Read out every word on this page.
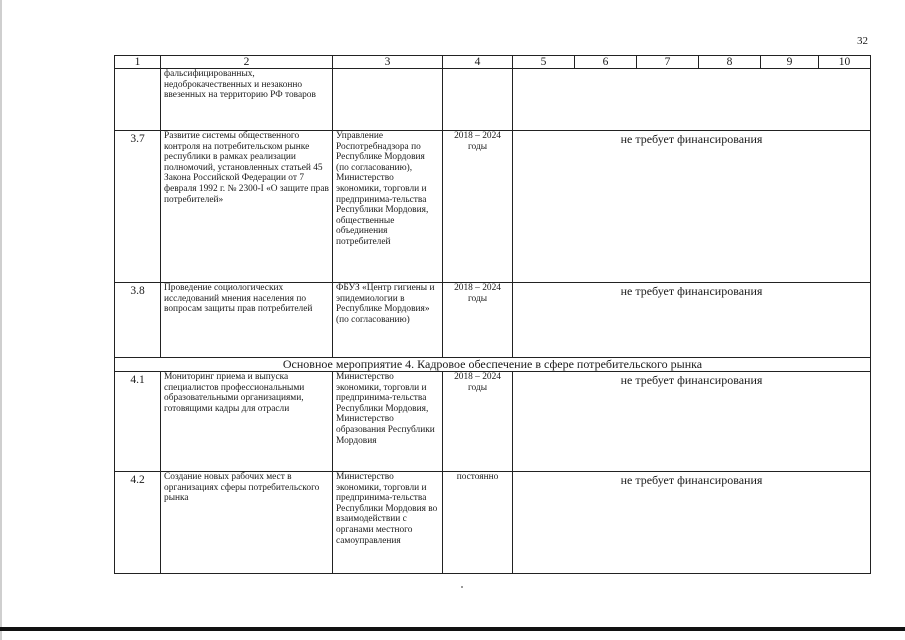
32
1	2	3	4	5	6	7	8	9	10
	фальсифицированных, недоброкачественных и незаконно ввезенных на территорию РФ товаров								
3.7	Развитие системы общественного контроля на потребительском рынке республики в рамках реализации полномочий, установленных статьей 45 Закона Российской Федерации от 7 февраля 1992 г. № 2300-I «О защите прав потребителей»	Управление Роспотребнадзора по Республике Мордовия (по согласованию), Министерство экономики, торговли и предпринима-тельства Республики Мордовия, общественные объединения потребителей	2018 – 2024 годы	не требует финансирования					
3.8	Проведение социологических исследований мнения населения по вопросам защиты прав потребителей	ФБУЗ «Центр гигиены и эпидемиологии в Республике Мордовия» (по согласованию)	2018 – 2024 годы	не требует финансирования					
Основное мероприятие 4. Кадровое обеспечение в сфере потребительского рынка									
4.1	Мониторинг приема и выпуска специалистов профессиональными образовательными организациями, готовящими кадры для отрасли	Министерство экономики, торговли и предпринима-тельства Республики Мордовия, Министерство образования Республики Мордовия	2018 – 2024 годы	не требует финансирования					
4.2	Создание новых рабочих мест в организациях сферы потребительского рынка	Министерство экономики, торговли и предпринима-тельства Республики Мордовия во взаимодействии с органами местного самоуправления	постоянно	не требует финансирования					
